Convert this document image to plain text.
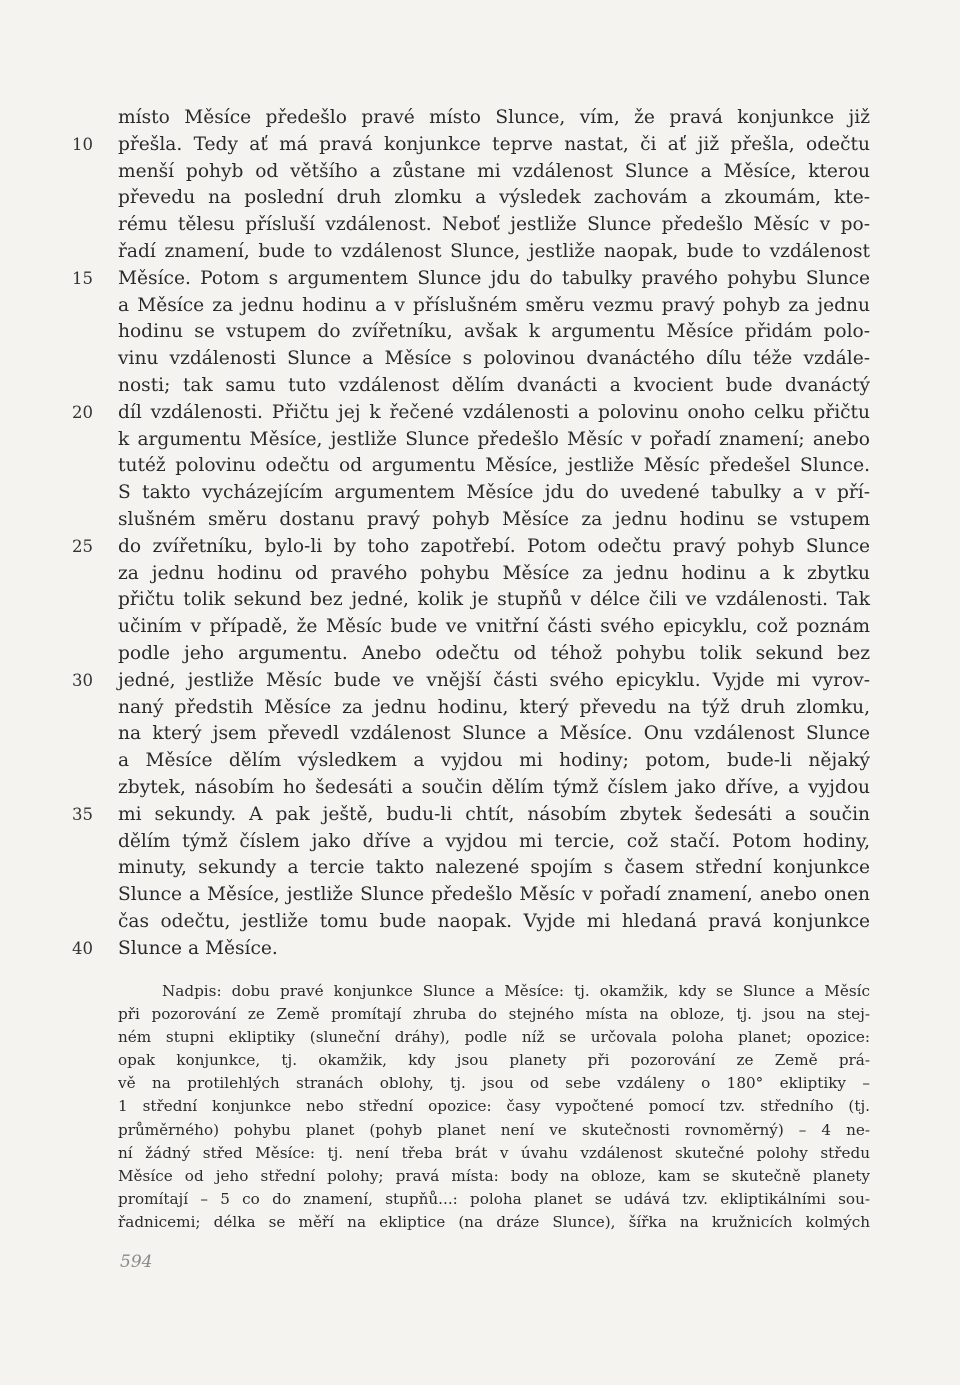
10
15
20
25
30
35
40
místo Měsíce předešlo pravé místo Slunce, vím, že pravá konjunkce již
přešla. Tedy ať má pravá konjunkce teprve nastat, či ať již přešla, odečtu
menší pohyb od většího a zůstane mi vzdálenost Slunce a Měsíce, kterou
převedu na poslední druh zlomku a výsledek zachovám a zkoumám, kte-
rému tělesu přísluší vzdálenost. Neboť jestliže Slunce předešlo Měsíc v po-
řadí znamení, bude to vzdálenost Slunce, jestliže naopak, bude to vzdálenost
Měsíce. Potom s argumentem Slunce jdu do tabulky pravého pohybu Slunce
a Měsíce za jednu hodinu a v příslušném směru vezmu pravý pohyb za jednu
hodinu se vstupem do zvířetníku, avšak k argumentu Měsíce přidám polo-
vinu vzdálenosti Slunce a Měsíce s polovinou dvanáctého dílu téže vzdále-
nosti; tak samu tuto vzdálenost dělím dvanácti a kvocient bude dvanáctý
díl vzdálenosti. Přičtu jej k řečené vzdálenosti a polovinu onoho celku přičtu
k argumentu Měsíce, jestliže Slunce předešlo Měsíc v pořadí znamení; anebo
tutéž polovinu odečtu od argumentu Měsíce, jestliže Měsíc předešel Slunce.
S takto vycházejícím argumentem Měsíce jdu do uvedené tabulky a v pří-
slušném směru dostanu pravý pohyb Měsíce za jednu hodinu se vstupem
do zvířetníku, bylo-li by toho zapotřebí. Potom odečtu pravý pohyb Slunce
za jednu hodinu od pravého pohybu Měsíce za jednu hodinu a k zbytku
přičtu tolik sekund bez jedné, kolik je stupňů v délce čili ve vzdálenosti. Tak
učiním v případě, že Měsíc bude ve vnitřní části svého epicyklu, což poznám
podle jeho argumentu. Anebo odečtu od téhož pohybu tolik sekund bez
jedné, jestliže Měsíc bude ve vnější části svého epicyklu. Vyjde mi vyrov-
naný předstih Měsíce za jednu hodinu, který převedu na týž druh zlomku,
na který jsem převedl vzdálenost Slunce a Měsíce. Onu vzdálenost Slunce
a Měsíce dělím výsledkem a vyjdou mi hodiny; potom, bude-li nějaký
zbytek, násobím ho šedesáti a součin dělím týmž číslem jako dříve, a vyjdou
mi sekundy. A pak ještě, budu-li chtít, násobím zbytek šedesáti a součin
dělím týmž číslem jako dříve a vyjdou mi tercie, což stačí. Potom hodiny,
minuty, sekundy a tercie takto nalezené spojím s časem střední konjunkce
Slunce a Měsíce, jestliže Slunce předešlo Měsíc v pořadí znamení, anebo onen
čas odečtu, jestliže tomu bude naopak. Vyjde mi hledaná pravá konjunkce
Slunce a Měsíce.
Nadpis: dobu pravé konjunkce Slunce a Měsíce: tj. okamžik, kdy se Slunce a Měsíc
při pozorování ze Země promítají zhruba do stejného místa na obloze, tj. jsou na stej-
ném stupni ekliptiky (sluneční dráhy), podle níž se určovala poloha planet; opozice:
opak konjunkce, tj. okamžik, kdy jsou planety při pozorování ze Země prá-
vě na protilehlých stranách oblohy, tj. jsou od sebe vzdáleny o 180° ekliptiky –
1 střední konjunkce nebo střední opozice: časy vypočtené pomocí tzv. středního (tj.
průměrného) pohybu planet (pohyb planet není ve skutečnosti rovnoměrný) – 4 ne-
ní žádný střed Měsíce: tj. není třeba brát v úvahu vzdálenost skutečné polohy středu
Měsíce od jeho střední polohy; pravá místa: body na obloze, kam se skutečně planety
promítají – 5 co do znamení, stupňů...: poloha planet se udává tzv. ekliptikálními sou-
řadnicemi; délka se měří na ekliptice (na dráze Slunce), šířka na kružnicích kolmých
594
